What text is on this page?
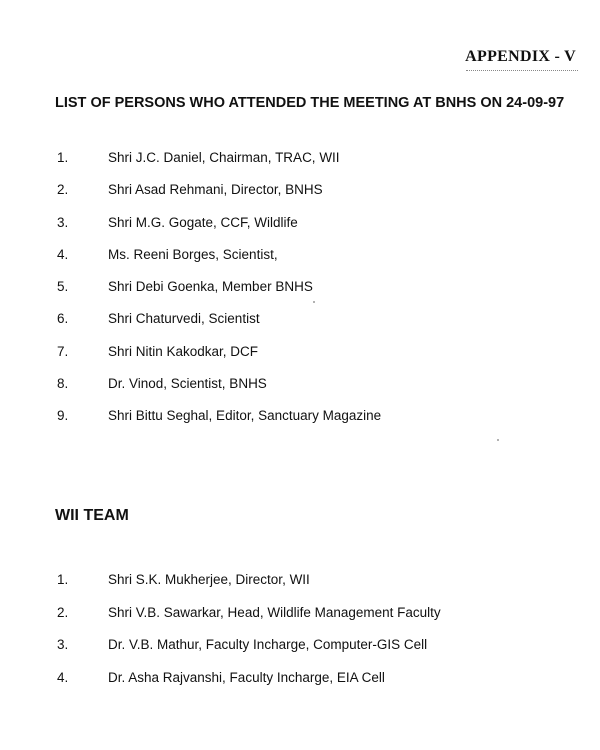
APPENDIX - V
LIST OF PERSONS WHO ATTENDED THE MEETING AT BNHS ON 24-09-97
1.	Shri J.C. Daniel, Chairman, TRAC, WII
2.	Shri Asad Rehmani, Director, BNHS
3.	Shri M.G. Gogate, CCF, Wildlife
4.	Ms. Reeni Borges, Scientist,
5.	Shri Debi Goenka, Member BNHS
6.	Shri Chaturvedi, Scientist
7.	Shri Nitin Kakodkar, DCF
8.	Dr. Vinod, Scientist, BNHS
9.	Shri Bittu Seghal, Editor, Sanctuary Magazine
WII TEAM
1.	Shri S.K. Mukherjee, Director, WII
2.	Shri V.B. Sawarkar, Head, Wildlife Management Faculty
3.	Dr. V.B. Mathur, Faculty Incharge, Computer-GIS Cell
4.	Dr. Asha Rajvanshi, Faculty Incharge, EIA Cell
